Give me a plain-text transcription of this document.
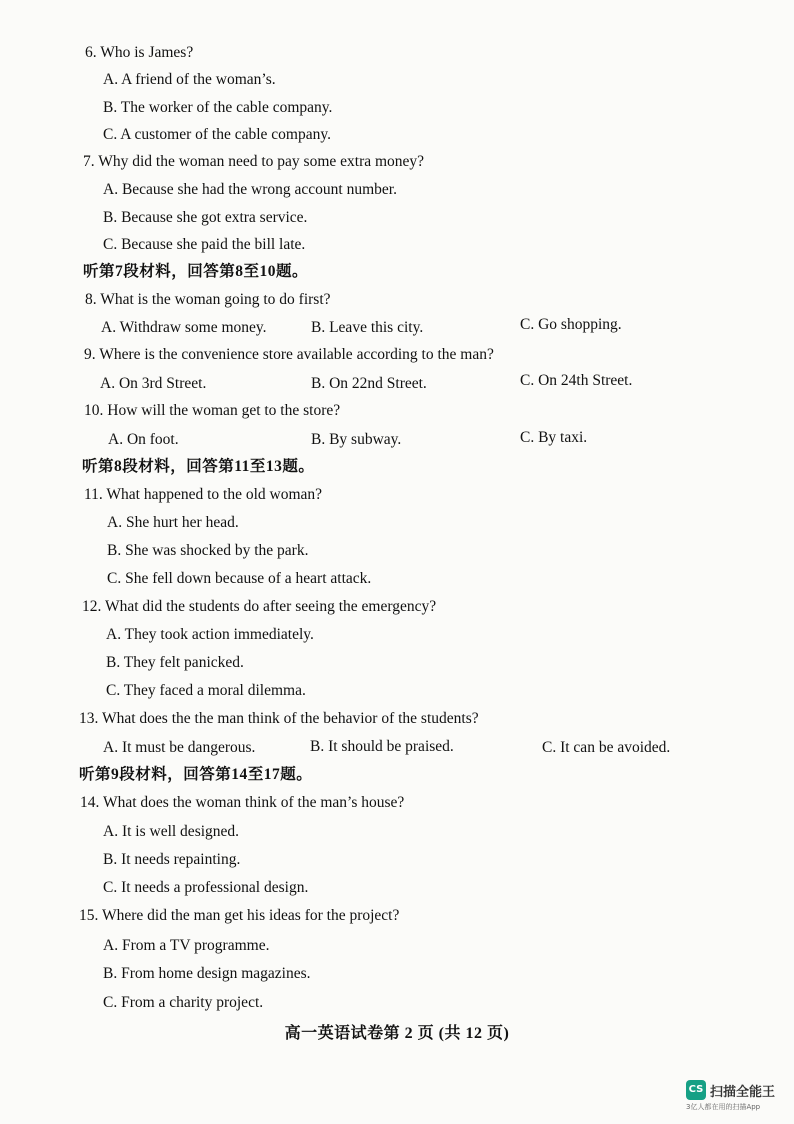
6. Who is James?
A. A friend of the woman’s.
B. The worker of the cable company.
C. A customer of the cable company.
7. Why did the woman need to pay some extra money?
A. Because she had the wrong account number.
B. Because she got extra service.
C. Because she paid the bill late.
听第7段材料，回答第8至10题。
8. What is the woman going to do first?
A. Withdraw some money.	B. Leave this city.	C. Go shopping.
9. Where is the convenience store available according to the man?
A. On 3rd Street.	B. On 22nd Street.	C. On 24th Street.
10. How will the woman get to the store?
A. On foot.	B. By subway.	C. By taxi.
听第8段材料，回答第11至13题。
11. What happened to the old woman?
A. She hurt her head.
B. She was shocked by the park.
C. She fell down because of a heart attack.
12. What did the students do after seeing the emergency?
A. They took action immediately.
B. They felt panicked.
C. They faced a moral dilemma.
13. What does the the man think of the behavior of the students?
A. It must be dangerous.	B. It should be praised.	C. It can be avoided.
听第9段材料，回答第14至17题。
14. What does the woman think of the man’s house?
A. It is well designed.
B. It needs repainting.
C. It needs a professional design.
15. Where did the man get his ideas for the project?
A. From a TV programme.
B. From home design magazines.
C. From a charity project.
高一英语试卷第 2 页 (共 12 页)
CS 扫描全能王
3亿人都在用的扫描App
